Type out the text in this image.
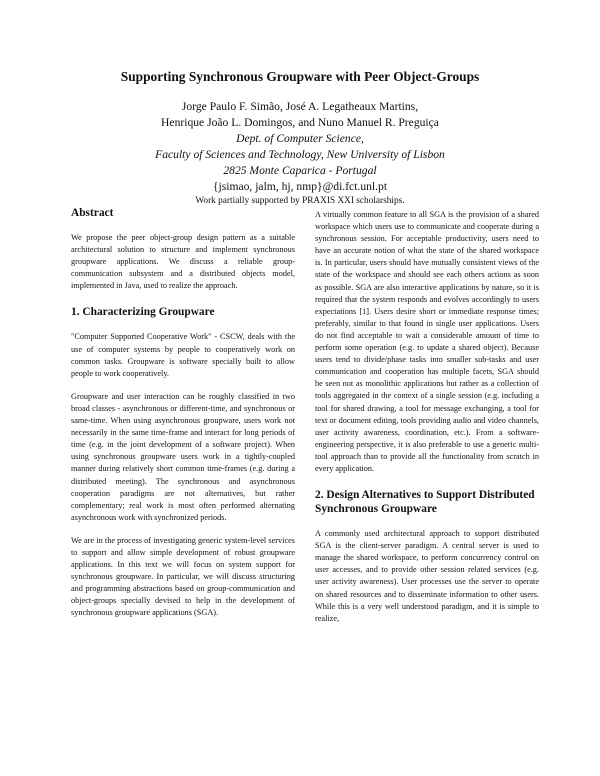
Supporting Synchronous Groupware with Peer Object-Groups
Jorge Paulo F. Simão, José A. Legatheaux Martins,
Henrique João L. Domingos, and Nuno Manuel R. Preguiça
Dept. of Computer Science,
Faculty of Sciences and Technology, New University of Lisbon
2825 Monte Caparica - Portugal
{jsimao, jalm, hj, nmp}@di.fct.unl.pt
Work partially supported by PRAXIS XXI scholarships.
Abstract

We propose the peer object-group design pattern as a suitable architectural solution to structure and implement synchronous groupware applications. We discuss a reliable group-communication subsystem and a distributed objects model, implemented in Java, used to realize the approach.

1. Characterizing Groupware

"Computer Supported Cooperative Work" - CSCW, deals with the use of computer systems by people to cooperatively work on common tasks. Groupware is software specially built to allow people to work cooperatively.

Groupware and user interaction can be roughly classified in two broad classes - asynchronous or different-time, and synchronous or same-time. When using asynchronous groupware, users work not necessarily in the same time-frame and interact for long periods of time (e.g. in the joint development of a software project). When using synchronous groupware users work in a tightly-coupled manner during relatively short common time-frames (e.g. during a distributed meeting). The synchronous and asynchronous cooperation paradigms are not alternatives, but rather complementary; real work is most often performed alternating asynchronous work with synchronized periods.

We are in the process of investigating generic system-level services to support and allow simple development of robust groupware applications. In this text we will focus on system support for synchronous groupware. In particular, we will discuss structuring and programming abstractions based on group-communication and object-groups specially devised to help in the development of synchronous groupware applications (SGA).

A virtually common feature to all SGA is the provision of a shared workspace which users use to communicate and cooperate during a synchronous session. For acceptable productivity, users need to have an accurate notion of what the state of the shared workspace is. In particular, users should have mutually consistent views of the state of the workspace and should see each others actions as soon as possible. SGA are also interactive applications by nature, so it is required that the system responds and evolves accordingly to users expectations [1]. Users desire short or immediate response times; preferably, similar to that found in single user applications. Users do not find acceptable to wait a considerable amount of time to perform some operation (e.g. to update a shared object). Because users tend to divide/phase tasks into smaller sub-tasks and user communication and cooperation has multiple facets, SGA should be seen not as monolithic applications but rather as a collection of tools aggregated in the context of a single session (e.g. including a tool for shared drawing, a tool for message exchanging, a tool for text or document editing, tools providing audio and video channels, user activity awareness, coordination, etc.). From a software-engineering perspective, it is also preferable to use a generic multi-tool approach than to provide all the functionality from scratch in every application.

2. Design Alternatives to Support Distributed Synchronous Groupware

A commonly used architectural approach to support distributed SGA is the client-server paradigm. A central server is used to manage the shared workspace, to perform concurrency control on user accesses, and to provide other session related services (e.g. user activity awareness). User processes use the server to operate on shared resources and to disseminate information to other users. While this is a very well understood paradigm, and it is simple to realize,
